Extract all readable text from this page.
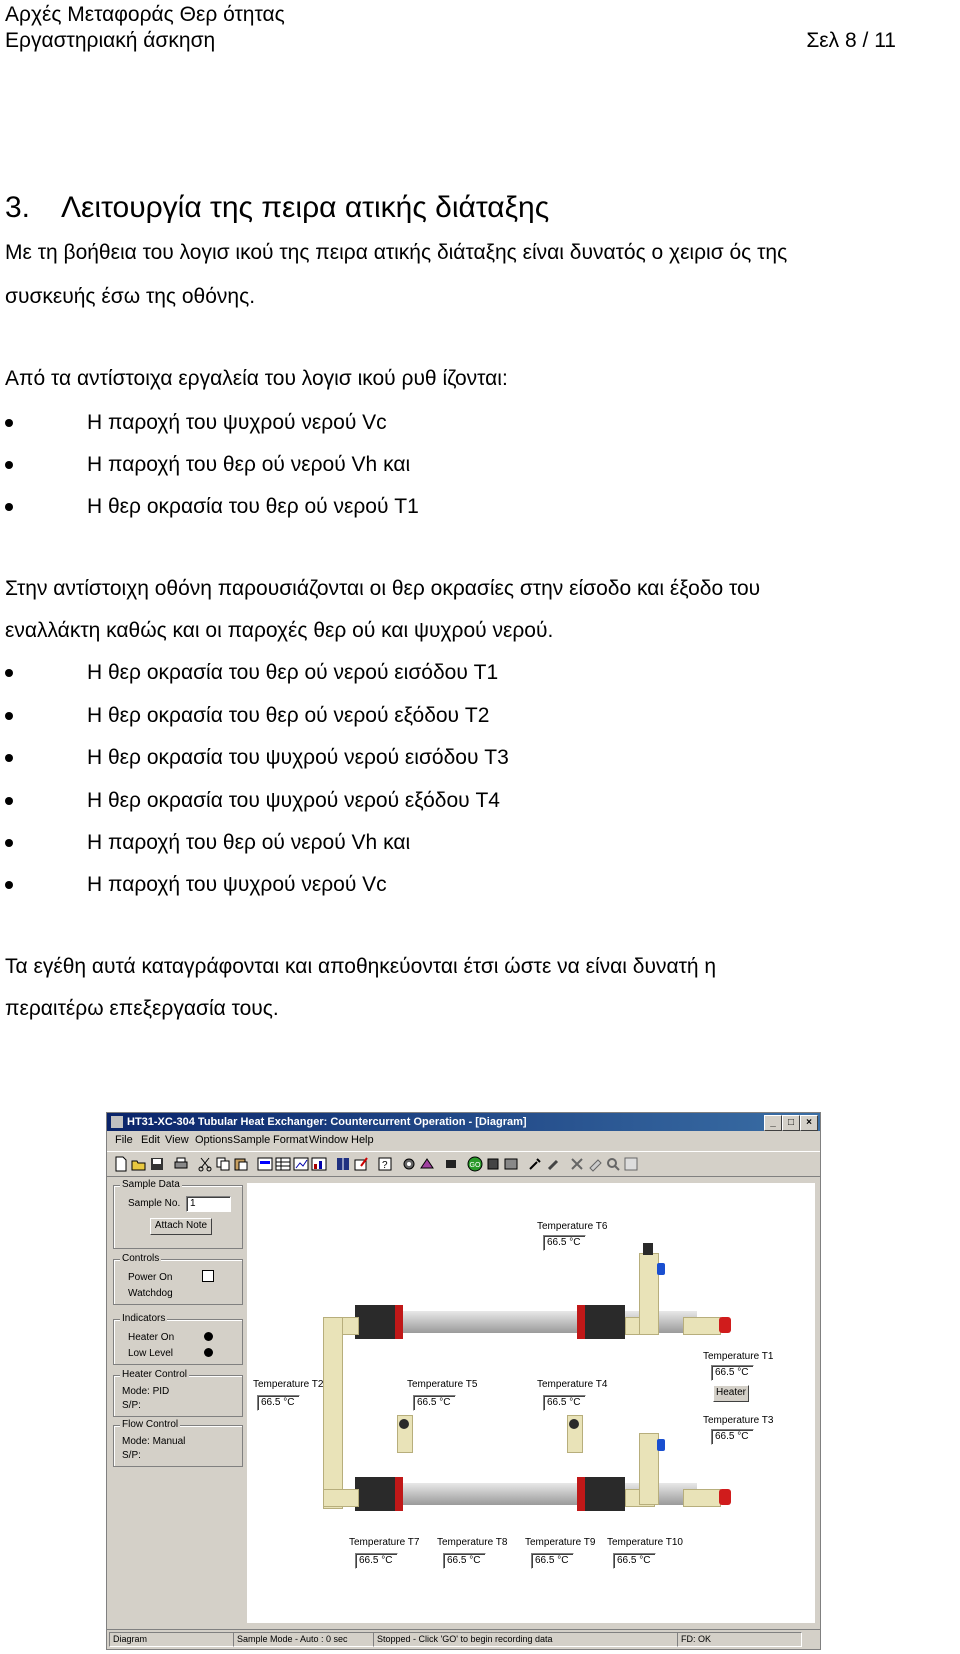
Αρχές Μεταφοράς Θερ ότητας
Εργαστηριακή άσκηση	Σελ 8 / 11
3. Λειτουργία της πειρα ατικής διάταξης
Με τη βοήθεια του λογισ ικού της πειρα ατικής διάταξης είναι δυνατός ο χειρισ ός της
συσκευής έσω της οθόνης.
Από τα αντίστοιχα εργαλεία του λογισ ικού ρυθ ίζονται:
Η παροχή του ψυχρού νερού Vc
Η παροχή του θερ ού νερού Vh και
Η θερ οκρασία του θερ ού νερού T1
Στην αντίστοιχη οθόνη παρουσιάζονται οι θερ οκρασίες στην είσοδο και έξοδο του
εναλλάκτη καθώς και οι παροχές θερ ού και ψυχρού νερού.
Η θερ οκρασία του θερ ού νερού εισόδου T1
Η θερ οκρασία του θερ ού νερού εξόδου T2
Η θερ οκρασία του ψυχρού νερού εισόδου T3
Η θερ οκρασία του ψυχρού νερού εξόδου T4
Η παροχή του θερ ού νερού Vh και
Η παροχή του ψυχρού νερού Vc
Τα εγέθη αυτά καταγράφονται και αποθηκεύονται έτσι ώστε να είναι δυνατή η
περαιτέρω επεξεργασία τους.
HT31-XC-304 Tubular Heat Exchanger: Countercurrent Operation - [Diagram]	_	□	×
File Edit View Options Sample Format Window Help
?	GO
Sample Data
Sample No. 1
Attach Note
Controls
Power On
Watchdog
Indicators
Heater On
Low Level
Heater Control
Mode: PID
S/P:
Flow Control
Mode: Manual
S/P:
Temperature T6
66.5 °C
Temperature T1
66.5 °C
Heater
Temperature T3
66.5 °C
Temperature T2
66.5 °C
Temperature T5
66.5 °C
Temperature T4
66.5 °C
Temperature T7
66.5 °C
Temperature T8
66.5 °C
Temperature T9
66.5 °C
Temperature T10
66.5 °C
Diagram	Sample Mode - Auto : 0 sec	Stopped - Click 'GO' to begin recording data	FD: OK
